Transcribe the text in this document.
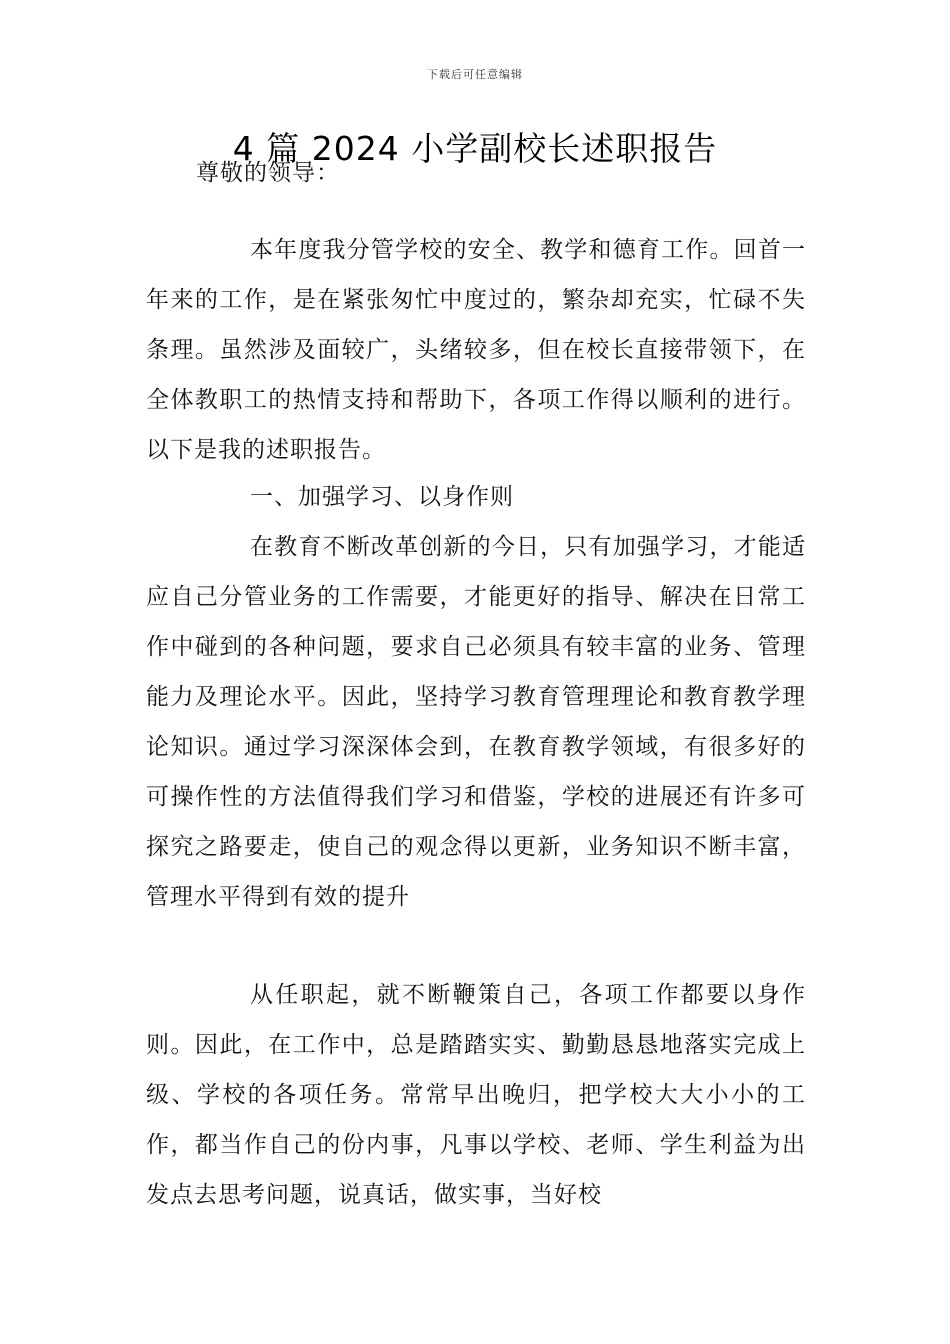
下载后可任意编辑
4 篇 2024 小学副校长述职报告
尊敬的领导：

本年度我分管学校的安全、教学和德育工作。回首一年来的工作，是在紧张匆忙中度过的，繁杂却充实，忙碌不失条理。虽然涉及面较广，头绪较多，但在校长直接带领下，在全体教职工的热情支持和帮助下，各项工作得以顺利的进行。以下是我的述职报告。

一、加强学习、以身作则

在教育不断改革创新的今日，只有加强学习，才能适应自己分管业务的工作需要，才能更好的指导、解决在日常工作中碰到的各种问题，要求自己必须具有较丰富的业务、管理能力及理论水平。因此，坚持学习教育管理理论和教育教学理论知识。通过学习深深体会到，在教育教学领域，有很多好的可操作性的方法值得我们学习和借鉴，学校的进展还有许多可探究之路要走，使自己的观念得以更新，业务知识不断丰富，管理水平得到有效的提升

从任职起，就不断鞭策自己，各项工作都要以身作则。因此，在工作中，总是踏踏实实、勤勤恳恳地落实完成上级、学校的各项任务。常常早出晚归，把学校大大小小的工作，都当作自己的份内事，凡事以学校、老师、学生利益为出发点去思考问题，说真话，做实事，当好校
